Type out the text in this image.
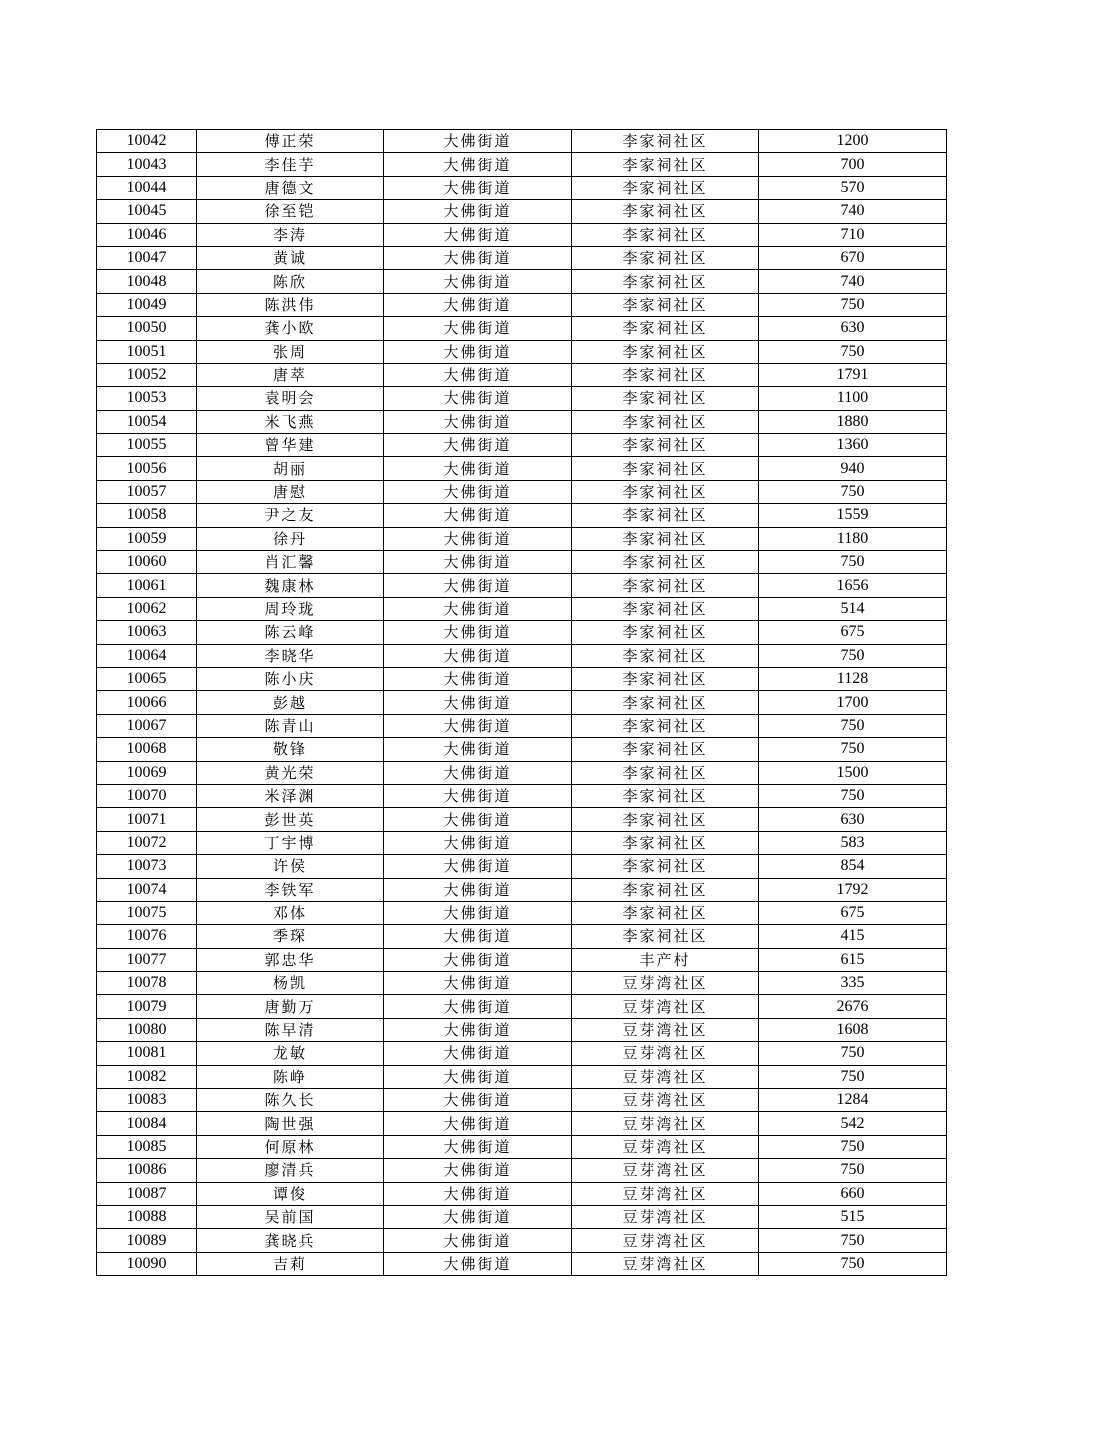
10042	傅正荣	大佛街道	李家祠社区	1200
10043	李佳芋	大佛街道	李家祠社区	700
10044	唐德文	大佛街道	李家祠社区	570
10045	徐至铠	大佛街道	李家祠社区	740
10046	李涛	大佛街道	李家祠社区	710
10047	黄诚	大佛街道	李家祠社区	670
10048	陈欣	大佛街道	李家祠社区	740
10049	陈洪伟	大佛街道	李家祠社区	750
10050	龚小欧	大佛街道	李家祠社区	630
10051	张周	大佛街道	李家祠社区	750
10052	唐萃	大佛街道	李家祠社区	1791
10053	袁明会	大佛街道	李家祠社区	1100
10054	米飞燕	大佛街道	李家祠社区	1880
10055	曾华建	大佛街道	李家祠社区	1360
10056	胡丽	大佛街道	李家祠社区	940
10057	唐慰	大佛街道	李家祠社区	750
10058	尹之友	大佛街道	李家祠社区	1559
10059	徐丹	大佛街道	李家祠社区	1180
10060	肖汇馨	大佛街道	李家祠社区	750
10061	魏康林	大佛街道	李家祠社区	1656
10062	周玲珑	大佛街道	李家祠社区	514
10063	陈云峰	大佛街道	李家祠社区	675
10064	李晓华	大佛街道	李家祠社区	750
10065	陈小庆	大佛街道	李家祠社区	1128
10066	彭越	大佛街道	李家祠社区	1700
10067	陈青山	大佛街道	李家祠社区	750
10068	敬锋	大佛街道	李家祠社区	750
10069	黄光荣	大佛街道	李家祠社区	1500
10070	米泽渊	大佛街道	李家祠社区	750
10071	彭世英	大佛街道	李家祠社区	630
10072	丁宇博	大佛街道	李家祠社区	583
10073	许侯	大佛街道	李家祠社区	854
10074	李铁军	大佛街道	李家祠社区	1792
10075	邓体	大佛街道	李家祠社区	675
10076	季琛	大佛街道	李家祠社区	415
10077	郭忠华	大佛街道	丰产村	615
10078	杨凯	大佛街道	豆芽湾社区	335
10079	唐勤万	大佛街道	豆芽湾社区	2676
10080	陈早清	大佛街道	豆芽湾社区	1608
10081	龙敏	大佛街道	豆芽湾社区	750
10082	陈峥	大佛街道	豆芽湾社区	750
10083	陈久长	大佛街道	豆芽湾社区	1284
10084	陶世强	大佛街道	豆芽湾社区	542
10085	何原林	大佛街道	豆芽湾社区	750
10086	廖清兵	大佛街道	豆芽湾社区	750
10087	谭俊	大佛街道	豆芽湾社区	660
10088	吴前国	大佛街道	豆芽湾社区	515
10089	龚晓兵	大佛街道	豆芽湾社区	750
10090	吉莉	大佛街道	豆芽湾社区	750
